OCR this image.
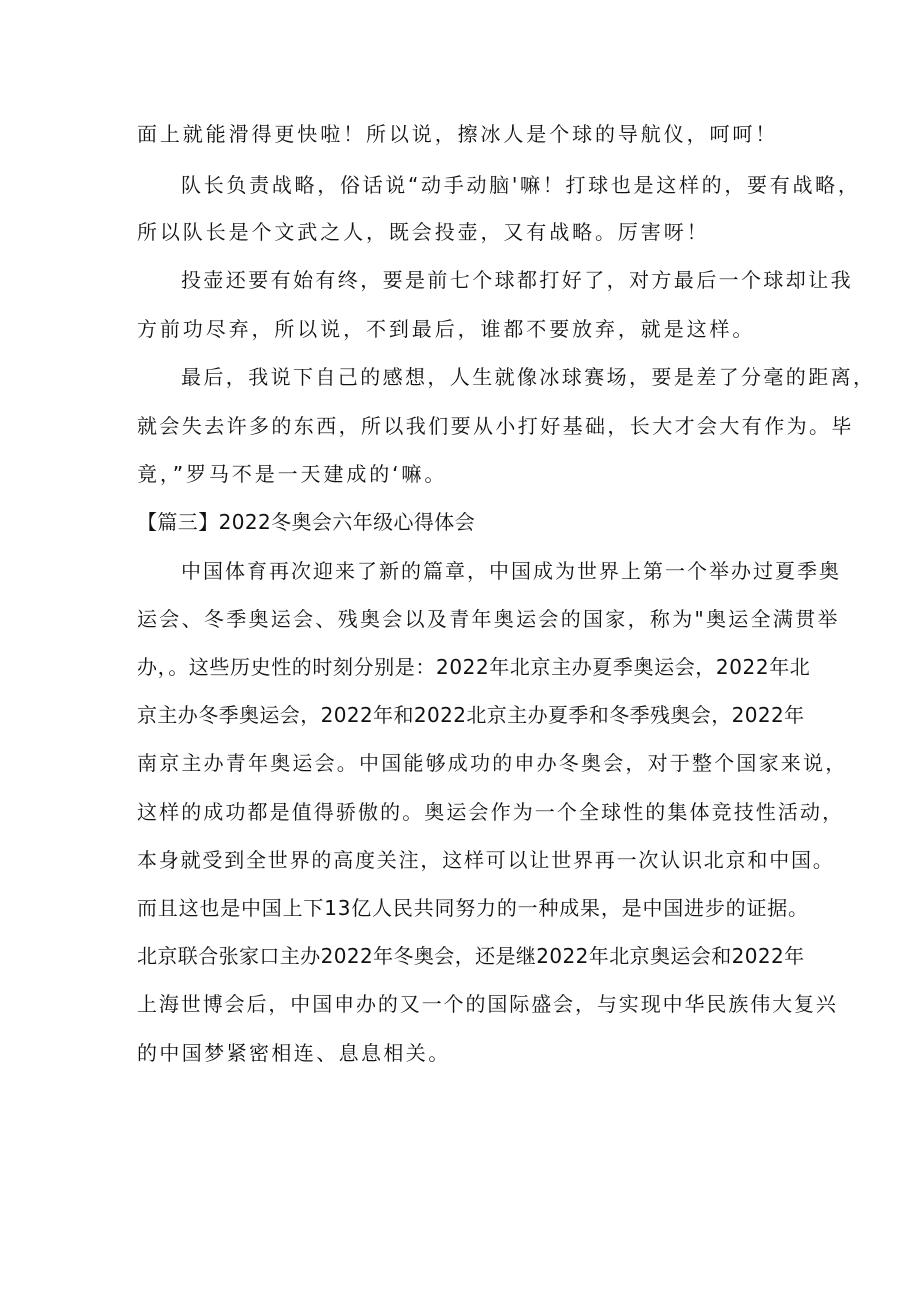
面上就能滑得更快啦！所以说，擦冰人是个球的导航仪，呵呵！
队长负责战略，俗话说“动手动脑'嘛！打球也是这样的，要有战略，
所以队长是个文武之人，既会投壶，又有战略。厉害呀！
投壶还要有始有终，要是前七个球都打好了，对方最后一个球却让我
方前功尽弃，所以说，不到最后，谁都不要放弃，就是这样。
最后，我说下自己的感想，人生就像冰球赛场，要是差了分毫的距离，
就会失去许多的东西，所以我们要从小打好基础，长大才会大有作为。毕
竟，”罗马不是一天建成的‘嘛。
【篇三】2022冬奥会六年级心得体会
中国体育再次迎来了新的篇章，中国成为世界上第一个举办过夏季奥
运会、冬季奥运会、残奥会以及青年奥运会的国家，称为"奥运全满贯举
办，。这些历史性的时刻分别是：2022年北京主办夏季奥运会，2022年北
京主办冬季奥运会，2022年和2022北京主办夏季和冬季残奥会，2022年
南京主办青年奥运会。中国能够成功的申办冬奥会，对于整个国家来说，
这样的成功都是值得骄傲的。奥运会作为一个全球性的集体竞技性活动，
本身就受到全世界的高度关注，这样可以让世界再一次认识北京和中国。
而且这也是中国上下13亿人民共同努力的一种成果，是中国进步的证据。
北京联合张家口主办2022年冬奥会，还是继2022年北京奥运会和2022年
上海世博会后，中国申办的又一个的国际盛会，与实现中华民族伟大复兴
的中国梦紧密相连、息息相关。
